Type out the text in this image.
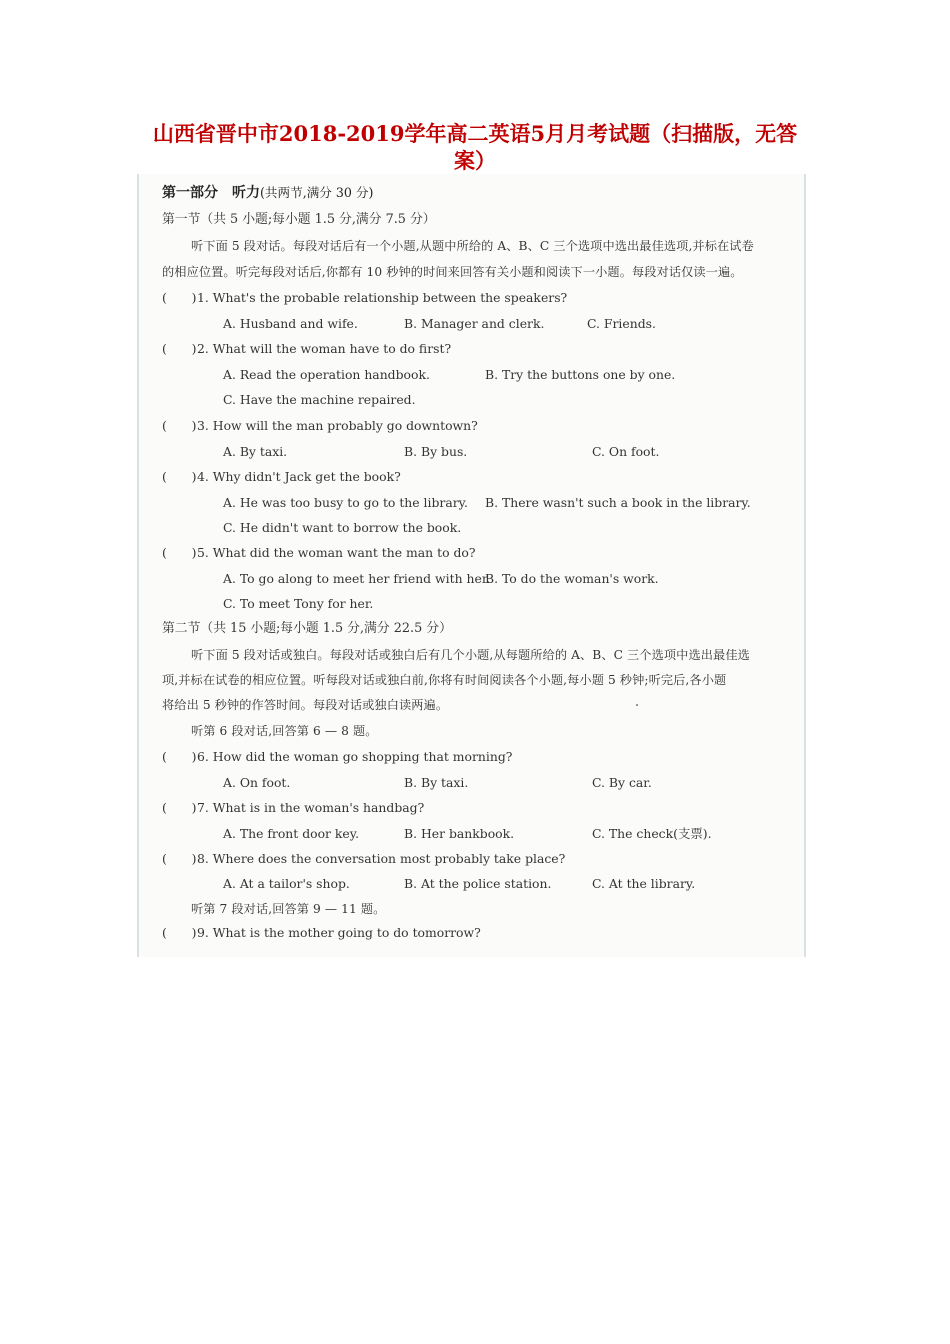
山西省晋中市2018-2019学年高二英语5月月考试题（扫描版，无答
案）
第一部分　听力(共两节,满分 30 分)
第一节（共 5 小题;每小题 1.5 分,满分 7.5 分）
听下面 5 段对话。每段对话后有一个小题,从题中所给的 A、B、C 三个选项中选出最佳选项,并标在试卷
的相应位置。听完每段对话后,你都有 10 秒钟的时间来回答有关小题和阅读下一小题。每段对话仅读一遍。
(　　) 1. What's the probable relationship between the speakers?
A. Husband and wife.	B. Manager and clerk.	C. Friends.
(　　) 2. What will the woman have to do first?
A. Read the operation handbook.	B. Try the buttons one by one.
C. Have the machine repaired.
(　　) 3. How will the man probably go downtown?
A. By taxi.	B. By bus.	C. On foot.
(　　) 4. Why didn't Jack get the book?
A. He was too busy to go to the library. B. There wasn't such a book in the library.
C. He didn't want to borrow the book.
(　　) 5. What did the woman want the man to do?
A. To go along to meet her friend with her.
B. To do the woman's work.
C. To meet Tony for her.
第二节（共 15 小题;每小题 1.5 分,满分 22.5 分）
听下面 5 段对话或独白。每段对话或独白后有几个小题,从每题所给的 A、B、C 三个选项中选出最佳选
项,并标在试卷的相应位置。听每段对话或独白前,你将有时间阅读各个小题,每小题 5 秒钟;听完后,各小题
将给出 5 秒钟的作答时间。每段对话或独白读两遍。
听第 6 段对话,回答第 6 — 8 题。
(　　) 6. How did the woman go shopping that morning?
A. On foot.	B. By taxi.	C. By car.
(　　) 7. What is in the woman's handbag?
A. The front door key.	B. Her bankbook.	C. The check(支票).
(　　) 8. Where does the conversation most probably take place?
A. At a tailor's shop.	B. At the police station.	C. At the library.
听第 7 段对话,回答第 9 — 11 题。
(　　) 9. What is the mother going to do tomorrow?
